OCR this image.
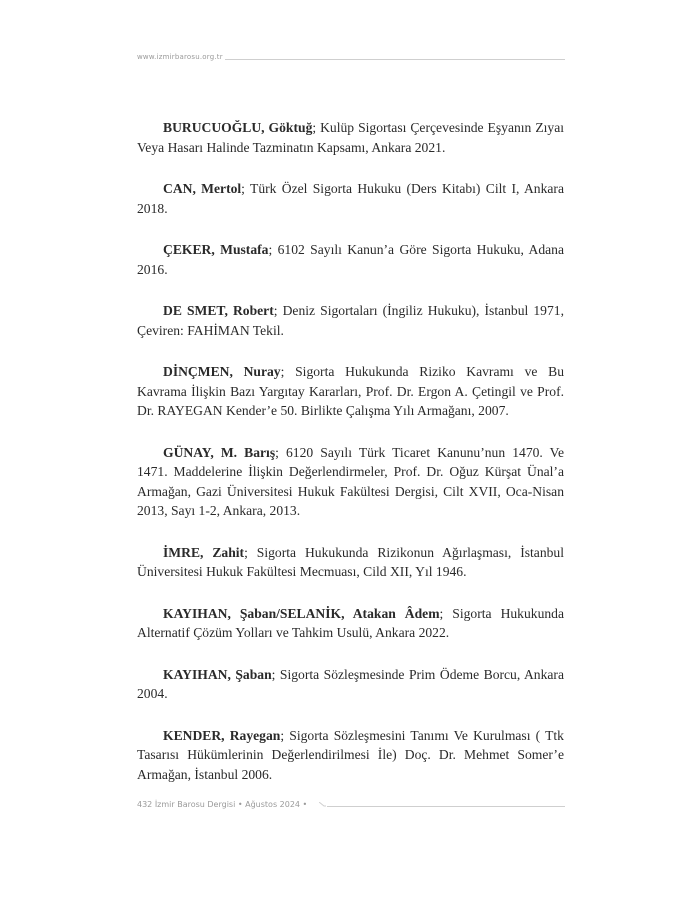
www.izmirbarosu.org.tr

BURUCUOĞLU, Göktuğ; Kulüp Sigortası Çerçevesinde Eşyanın Zıyaı Veya Hasarı Halinde Tazminatın Kapsamı, Ankara 2021.

CAN, Mertol; Türk Özel Sigorta Hukuku (Ders Kitabı) Cilt I, Ankara 2018.

ÇEKER, Mustafa; 6102 Sayılı Kanun’a Göre Sigorta Hukuku, Adana 2016.

DE SMET, Robert; Deniz Sigortaları (İngiliz Hukuku), İstanbul 1971, Çeviren: FAHİMAN Tekil.

DİNÇMEN, Nuray; Sigorta Hukukunda Riziko Kavramı ve Bu Kavrama İlişkin Bazı Yargıtay Kararları, Prof. Dr. Ergon A. Çetingil ve Prof. Dr. RAYEGAN Kender’e 50. Birlikte Çalışma Yılı Armağanı, 2007.

GÜNAY, M. Barış; 6120 Sayılı Türk Ticaret Kanunu’nun 1470. Ve 1471. Maddelerine İlişkin Değerlendirmeler, Prof. Dr. Oğuz Kürşat Ünal’a Armağan, Gazi Üniversitesi Hukuk Fakültesi Dergisi, Cilt XVII, Oca-Nisan 2013, Sayı 1-2, Ankara, 2013.

İMRE, Zahit; Sigorta Hukukunda Rizikonun Ağırlaşması, İstanbul Üniversitesi Hukuk Fakültesi Mecmuası, Cild XII, Yıl 1946.

KAYIHAN, Şaban/SELANİK, Atakan Âdem; Sigorta Hukukunda Alternatif Çözüm Yolları ve Tahkim Usulü, Ankara 2022.

KAYIHAN, Şaban; Sigorta Sözleşmesinde Prim Ödeme Borcu, Ankara 2004.

KENDER, Rayegan; Sigorta Sözleşmesini Tanımı Ve Kurulması ( Ttk Tasarısı Hükümlerinin Değerlendirilmesi İle) Doç. Dr. Mehmet Somer’e Armağan, İstanbul 2006.

432 İzmir Barosu Dergisi • Ağustos 2024 •
